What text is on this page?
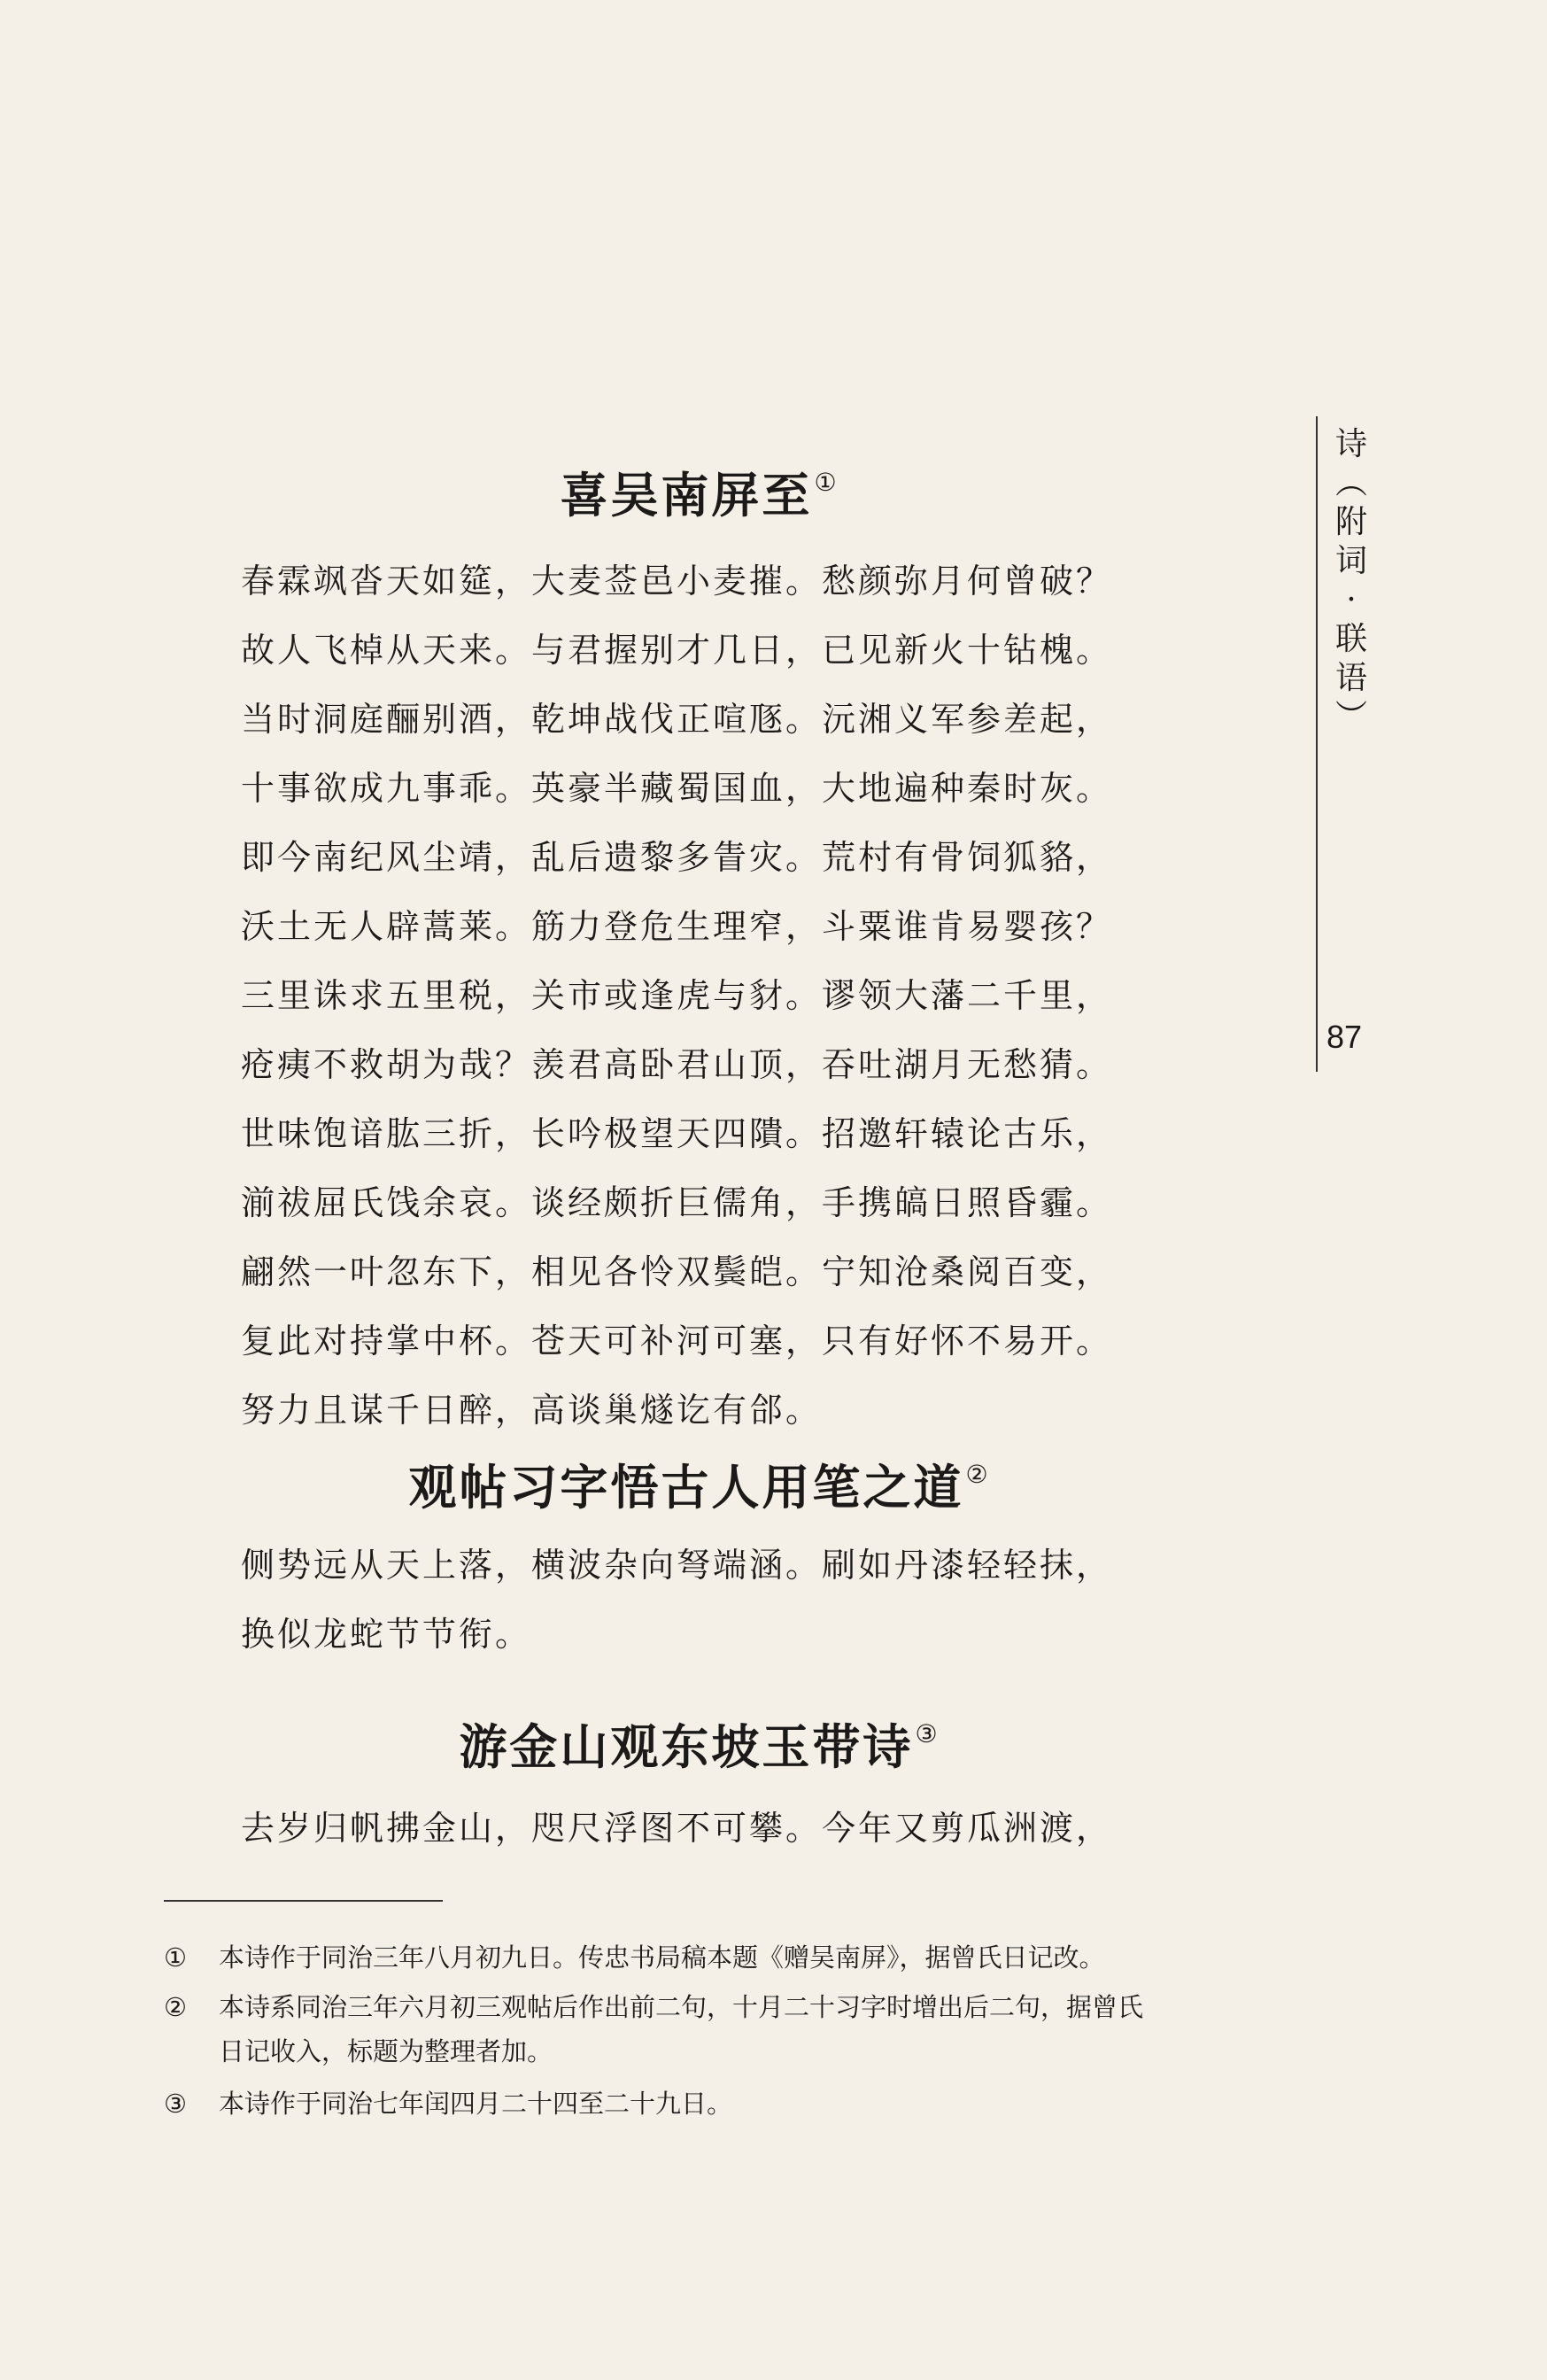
喜吴南屏至①
春霖飒沓天如筵，大麦莶邑小麦摧。愁颜弥月何曾破？
故人飞棹从天来。与君握别才几日，已见新火十钻槐。
当时洞庭酾别酒，乾坤战伐正喧豗。沅湘义军参差起，
十事欲成九事乖。英豪半藏蜀国血，大地遍种秦时灰。
即今南纪风尘靖，乱后遗黎多眚灾。荒村有骨饲狐貉，
沃土无人辟蒿莱。筋力登危生理窄，斗粟谁肯易婴孩？
三里诛求五里税，关市或逢虎与豺。谬领大藩二千里，
疮痍不救胡为哉？羡君高卧君山顶，吞吐湖月无愁猜。
世味饱谙肱三折，长吟极望天四隤。招邀轩辕论古乐，
湔祓屈氏饯余哀。谈经颇折巨儒角，手携皜日照昏霾。
翩然一叶忽东下，相见各怜双鬓皑。宁知沧桑阅百变，
复此对持掌中杯。苍天可补河可塞，只有好怀不易开。
努力且谋千日醉，高谈巢燧讫有郃。
观帖习字悟古人用笔之道②
侧势远从天上落，横波杂向弩端涵。刷如丹漆轻轻抹，
换似龙蛇节节衔。
游金山观东坡玉带诗③
去岁归帆拂金山，咫尺浮图不可攀。今年又剪瓜洲渡，
诗
︵
附
词
·
联
语
︶
87
① 本诗作于同治三年八月初九日。传忠书局稿本题《赠吴南屏》，据曾氏日记改。
② 本诗系同治三年六月初三观帖后作出前二句，十月二十习字时增出后二句，据曾氏
日记收入，标题为整理者加。
③ 本诗作于同治七年闰四月二十四至二十九日。
